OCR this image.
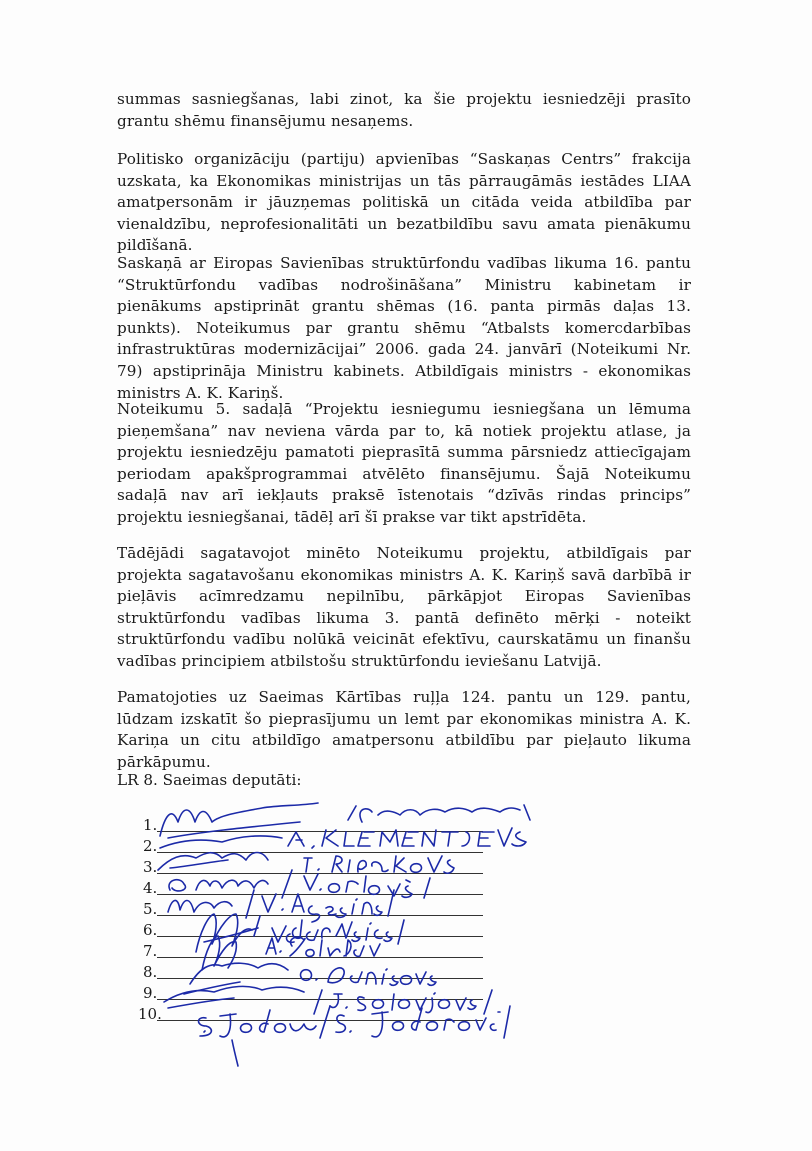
summas sasniegšanas, labi zinot, ka šie projektu iesniedzēji prasīto grantu shēmu finansējumu nesaņems.

Politisko organizāciju (partiju) apvienības “Saskaņas Centrs” frakcija uzskata, ka Ekonomikas ministrijas un tās pārraugāmās iestādes LIAA amatpersonām ir jāuzņemas politiskā un citāda veida atbildība par vienaldzību, neprofesionalitāti un bezatbildību savu amata pienākumu pildīšanā.

Saskaņā ar Eiropas Savienības struktūrfondu vadības likuma 16. pantu “Struktūrfondu vadības nodrošināšana” Ministru kabinetam ir pienākums apstiprināt grantu shēmas (16. panta pirmās daļas 13. punkts). Noteikumus par grantu shēmu “Atbalsts komercdarbības infrastruktūras modernizācijai” 2006. gada 24. janvārī (Noteikumi Nr. 79) apstiprināja Ministru kabinets. Atbildīgais ministrs - ekonomikas ministrs A. K. Kariņš.

Noteikumu 5. sadaļā “Projektu iesniegumu iesniegšana un lēmuma pieņemšana” nav neviena vārda par to, kā notiek projektu atlase, ja projektu iesniedzēju pamatoti pieprasītā summa pārsniedz attiecīgajam periodam apakšprogrammai atvēlēto finansējumu. Šajā Noteikumu sadaļā nav arī iekļauts praksē īstenotais “dzīvās rindas princips” projektu iesniegšanai, tādēļ arī šī prakse var tikt apstrīdēta.

Tādējādi sagatavojot minēto Noteikumu projektu, atbildīgais par projekta sagatavošanu ekonomikas ministrs A. K. Kariņš savā darbībā ir pieļāvis acīmredzamu nepilnību, pārkāpjot Eiropas Savienības struktūrfondu vadības likuma 3. pantā definēto mērķi - noteikt struktūrfondu vadību nolūkā veicināt efektīvu, caurskatāmu un finanšu vadības principiem atbilstošu struktūrfondu ieviešanu Latvijā.

Pamatojoties uz Saeimas Kārtības ruļļa 124. pantu un 129. pantu, lūdzam izskatīt šo pieprasījumu un lemt par ekonomikas ministra A. K. Kariņa un citu atbildīgo amatpersonu atbildību par pieļauto likuma pārkāpumu.

LR 8. Saeimas deputāti:

1.
2.
3.
4.
5.
6.
7.
8.
9.
10.
